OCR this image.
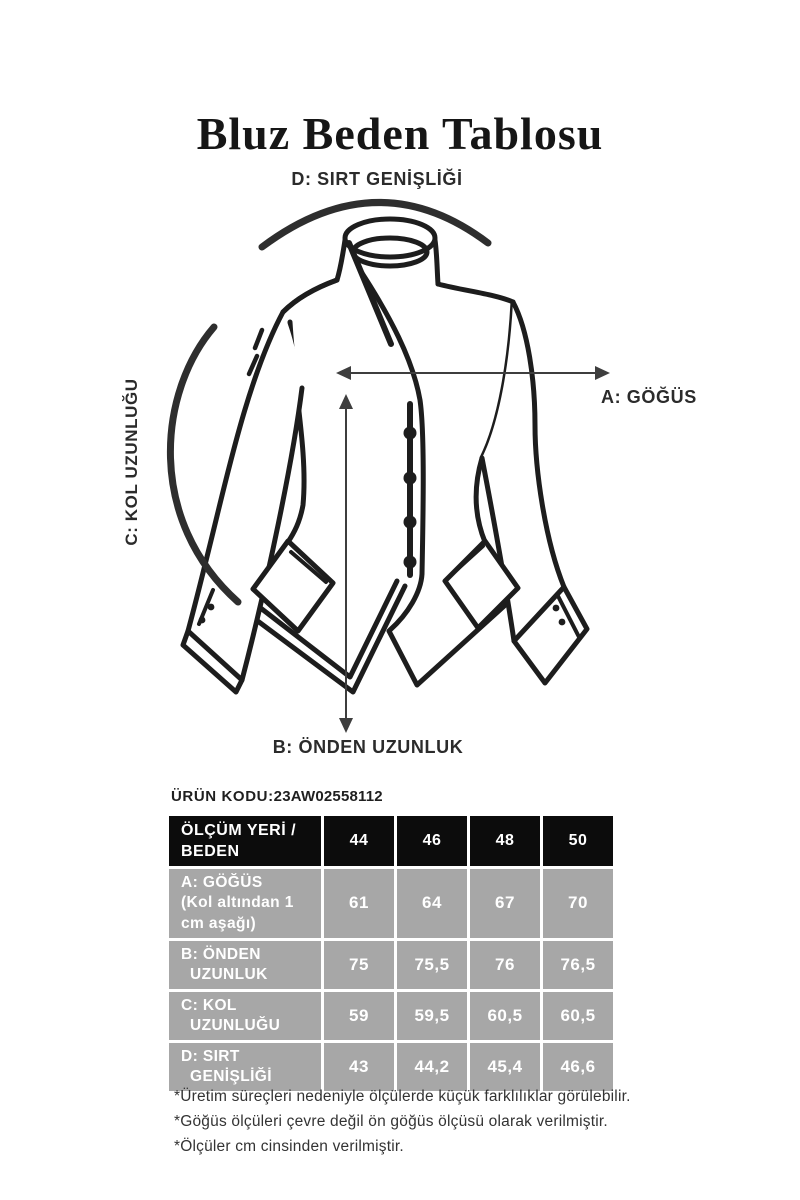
Bluz Beden Tablosu
D: SIRT GENİŞLİĞİ
A: GÖĞÜS
C: KOL UZUNLUĞU
B: ÖNDEN UZUNLUK
ÜRÜN KODU:23AW02558112
ÖLÇÜM YERİ / BEDEN	44	46	48	50

A: GÖĞÜS
(Kol altından 1 cm aşağı)	61	64	67	70

B: ÖNDEN
UZUNLUK	75	75,5	76	76,5

C: KOL
UZUNLUĞU	59	59,5	60,5	60,5

D: SIRT
GENİŞLİĞİ	43	44,2	45,4	46,6
*Üretim süreçleri nedeniyle ölçülerde küçük farklılıklar görülebilir.
*Göğüs ölçüleri çevre değil ön göğüs ölçüsü olarak verilmiştir.
*Ölçüler cm cinsinden verilmiştir.
